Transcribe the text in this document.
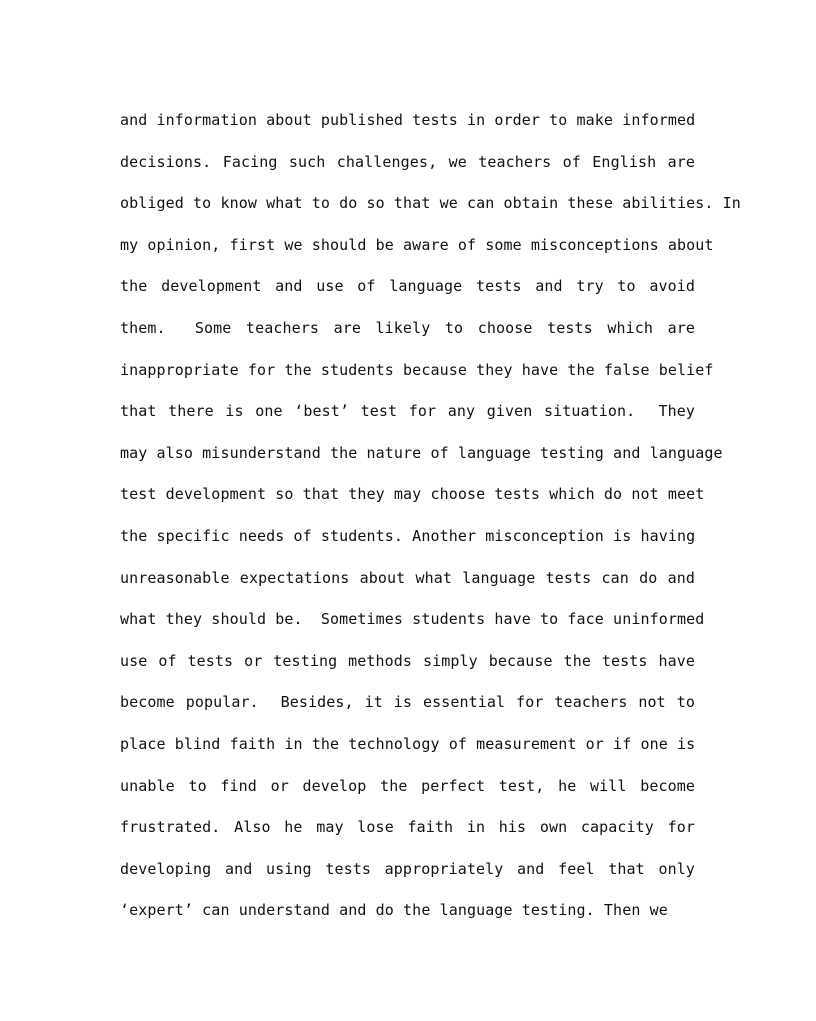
and information about published tests in order to make informed
decisions. Facing such challenges, we teachers of English are
obliged to know what to do so that we can obtain these abilities. In
my opinion, first we should be aware of some misconceptions about
the development and use of language tests and try to avoid
them.  Some teachers are likely to choose tests which are
inappropriate for the students because they have the false belief
that there is one ‘best’ test for any given situation.  They
may also misunderstand the nature of language testing and language
test development so that they may choose tests which do not meet
the specific needs of students. Another misconception is having
unreasonable expectations about what language tests can do and
what they should be.  Sometimes students have to face uninformed
use of tests or testing methods simply because the tests have
become popular.  Besides, it is essential for teachers not to
place blind faith in the technology of measurement or if one is
unable to find or develop the perfect test, he will become
frustrated. Also he may lose faith in his own capacity for
developing and using tests appropriately and feel that only
‘expert’ can understand and do the language testing. Then we
